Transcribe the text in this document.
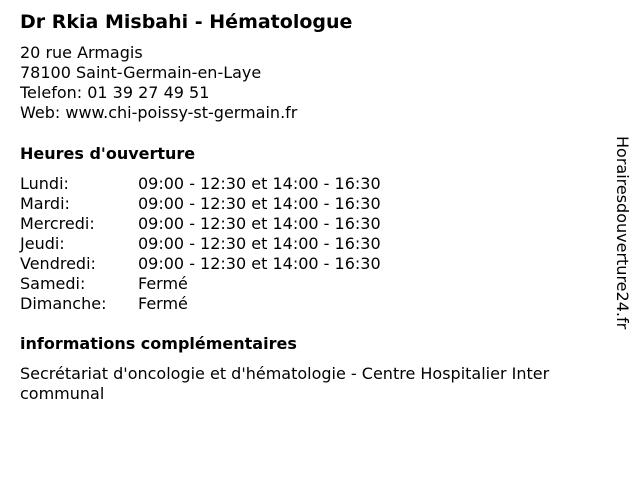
Dr Rkia Misbahi - Hématologue
20 rue Armagis
78100 Saint-Germain-en-Laye
Telefon: 01 39 27 49 51
Web: www.chi-poissy-st-germain.fr
Heures d'ouverture
Lundi:	09:00 - 12:30 et 14:00 - 16:30
Mardi:	09:00 - 12:30 et 14:00 - 16:30
Mercredi:	09:00 - 12:30 et 14:00 - 16:30
Jeudi:	09:00 - 12:30 et 14:00 - 16:30
Vendredi:	09:00 - 12:30 et 14:00 - 16:30
Samedi:	Fermé
Dimanche:	Fermé
informations complémentaires
Secrétariat d'oncologie et d'hématologie - Centre Hospitalier Intercommunal
Horairesdouverture24.fr
